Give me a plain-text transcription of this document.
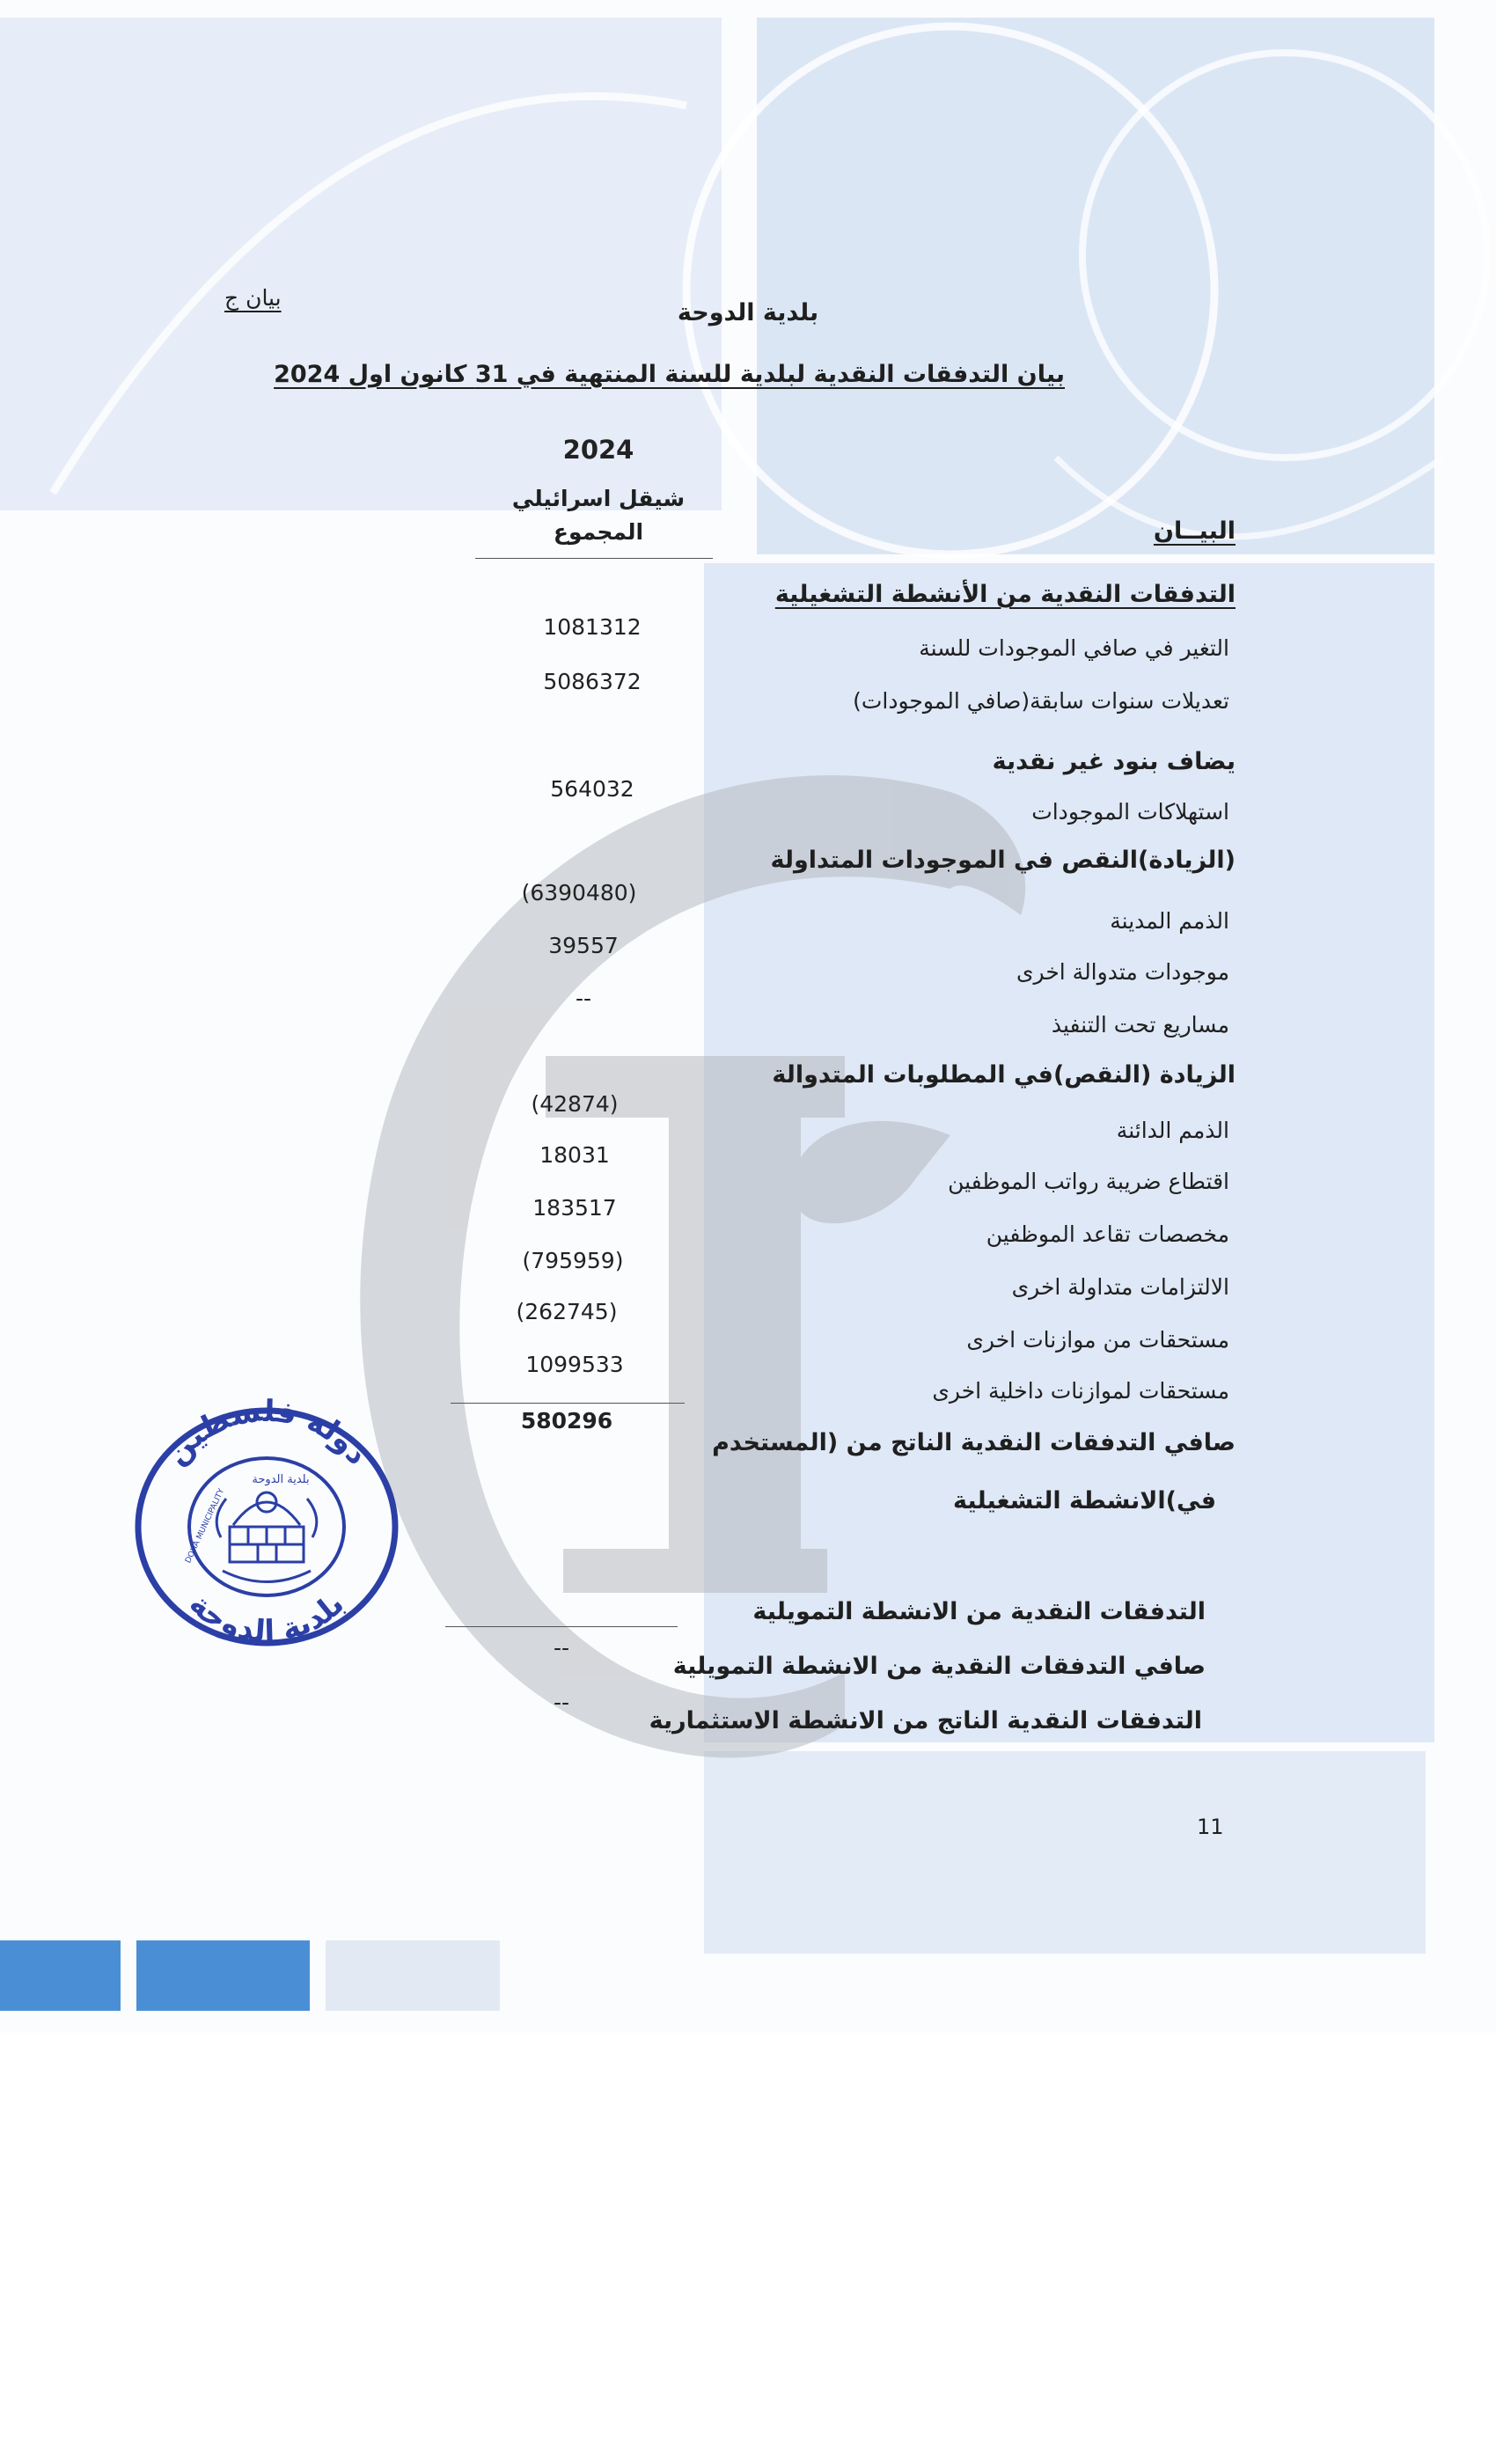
بيان ج
بلدية الدوحة
بيان التدفقات النقدية لبلدية للسنة المنتهية في 31 كانون اول 2024
2024
شيقل اسرائيلي
المجموع	البيــان
التدفقات النقدية من الأنشطة التشغيلية
التغير في صافي الموجودات للسنة
1081312
تعديلات سنوات سابقة(صافي الموجودات)
5086372
يضاف بنود غير نقدية
استهلاكات الموجودات
564032
(الزيادة)النقص في الموجودات المتداولة
الذمم المدينة
(6390480)
موجودات متدوالة اخرى
39557
مساريع تحت التنفيذ
--
الزيادة (النقص)في المطلوبات المتدوالة
الذمم الدائنة
(42874)
اقتطاع ضريبة رواتب الموظفين
18031
مخصصات تقاعد الموظفين
183517
الالتزامات متداولة اخرى
(795959)
مستحقات من موازنات اخرى
(262745)
مستحقات لموازنات داخلية اخرى
1099533
صافي التدفقات النقدية الناتج من (المستخدم
في)الانشطة التشغيلية
580296
التدفقات النقدية من الانشطة التمويلية
صافي التدفقات النقدية من الانشطة التمويلية
--
التدفقات النقدية الناتج من الانشطة الاستثمارية
--
11
دولة فلسطين
بلدية الدوحة
DOHA MUNICIPALITY
بلدية الدوحة
